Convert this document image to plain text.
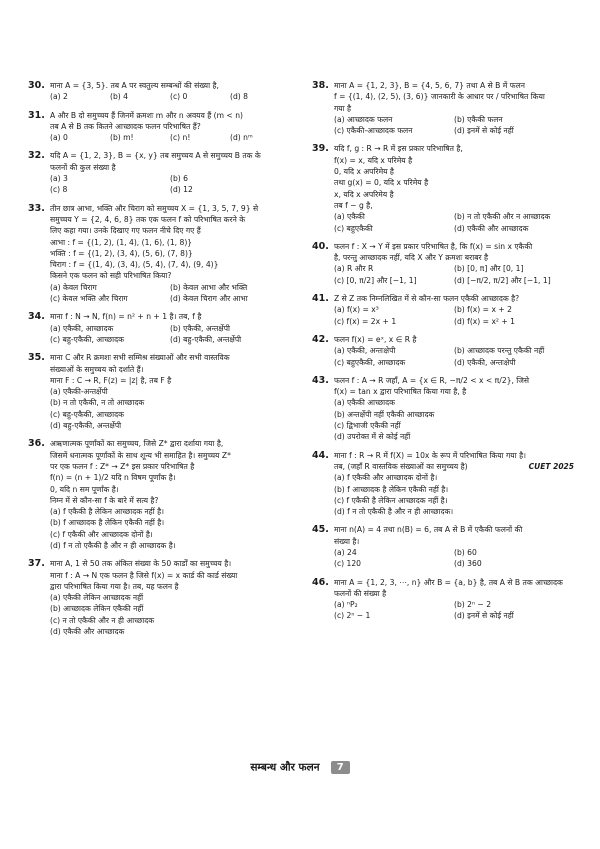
30. माना A = {3, 5}. तब A पर स्वतुल्य सम्बन्धों की संख्या है,
(a) 2	(b) 4	(c) 0	(d) 8
31. A और B दो समुच्चय हैं जिनमें क्रमशः m और n अवयव हैं (m < n)
तब A से B तक कितने आच्छादक फलन परिभाषित हैं?
(a) 0	(b) m!	(c) n!	(d) nᵐ
32. यदि A = {1, 2, 3}, B = {x, y} तब समुच्चय A से समुच्चय B तक के
फलनों की कुल संख्या है
(a) 3	(b) 6
(c) 8	(d) 12
33. तीन छात्र आभा, भक्ति और चिराग को समुच्चय X = {1, 3, 5, 7, 9} से
समुच्चय Y = {2, 4, 6, 8} तक एक फलन f को परिभाषित करने के
लिए कहा गया। उनके दिखाए गए फलन नीचे दिए गए हैं
आभा : f = {(1, 2), (1, 4), (1, 6), (1, 8)}
भक्ति : f = {(1, 2), (3, 4), (5, 6), (7, 8)}
चिराग : f = {(1, 4), (3, 4), (5, 4), (7, 4), (9, 4)}
किसने एक फलन को सही परिभाषित किया?
(a) केवल चिराग	(b) केवल आभा और भक्ति
(c) केवल भक्ति और चिराग	(d) केवल चिराग और आभा
34. माना f : N → N, f(n) = n² + n + 1 है। तब, f है
(a) एकैकी, आच्छादक	(b) एकैकी, अन्तर्क्षेपी
(c) बहु-एकैकी, आच्छादक	(d) बहु-एकैकी, अन्तर्क्षेपी
35. माना C और R क्रमशः सभी सम्मिश्र संख्याओं और सभी वास्तविक
संख्याओं के समुच्चय को दर्शाते हैं।
माना F : C → R, F(z) = |z| है, तब F है
(a) एकैकी-अन्तर्क्षेपी
(b) न तो एकैकी, न तो आच्छादक
(c) बहु-एकैकी, आच्छादक
(d) बहु-एकैकी, अन्तर्क्षेपी
36. अऋणात्मक पूर्णांकों का समुच्चय, जिसे Z* द्वारा दर्शाया गया है,
जिसमें धनात्मक पूर्णांकों के साथ शून्य भी समाहित है। समुच्चय Z*
पर एक फलन f : Z* → Z* इस प्रकार परिभाषित है
f(n) = (n + 1)/2 यदि n विषम पूर्णांक है।
0, यदि n सम पूर्णांक है।
निम्न में से कौन-सा f के बारे में सत्य है?
(a) f एकैकी है लेकिन आच्छादक नहीं है।
(b) f आच्छादक है लेकिन एकैकी नहीं है।
(c) f एकैकी और आच्छादक दोनों है।
(d) f न तो एकैकी है और न ही आच्छादक है।
37. माना A, 1 से 50 तक अंकित संख्या के 50 कार्डों का समुच्चय है।
माना f : A → N एक फलन है जिसे f(x) = x कार्ड की कार्ड संख्या
द्वारा परिभाषित किया गया है। तब, यह फलन है
(a) एकैकी लेकिन आच्छादक नहीं
(b) आच्छादक लेकिन एकैकी नहीं
(c) न तो एकैकी और न ही आच्छादक
(d) एकैकी और आच्छादक
38. माना A = {1, 2, 3}, B = {4, 5, 6, 7} तथा A से B में फलन
f = {(1, 4), (2, 5), (3, 6)} जानकारी के आधार पर / परिभाषित किया
गया है
(a) आच्छादक फलन	(b) एकैकी फलन
(c) एकैकी-आच्छादक फलन	(d) इनमें से कोई नहीं
39. यदि f, g : R → R में इस प्रकार परिभाषित है,
f(x) = x, यदि x परिमेय है
0, यदि x अपरिमेय है
तथा g(x) = 0, यदि x परिमेय है
x, यदि x अपरिमेय है
तब f − g है,
(a) एकैकी	(b) न तो एकैकी और न आच्छादक
(c) बहुएकैकी	(d) एकैकी और आच्छादक
40. फलन f : X → Y में इस प्रकार परिभाषित है, कि f(x) = sin x एकैकी
है, परन्तु आच्छादक नहीं, यदि X और Y क्रमशः बराबर है
(a) R और R	(b) [0, π] और [0, 1]
(c) [0, π/2] और [−1, 1]	(d) [−π/2, π/2] और [−1, 1]
41. Z से Z तक निम्नलिखित में से कौन-सा फलन एकैकी आच्छादक है?
(a) f(x) = x³	(b) f(x) = x + 2
(c) f(x) = 2x + 1	(d) f(x) = x² + 1
42. फलन f(x) = eˣ, x ∈ R है
(a) एकैकी, अन्तःक्षेपी	(b) आच्छादक परन्तु एकैकी नहीं
(c) बहुएकैकी, आच्छादक	(d) एकैकी, अन्तःक्षेपी
43. फलन f : A → R जहाँ, A = {x ∈ R, −π/2 < x < π/2}, जिसे
f(x) = tan x द्वारा परिभाषित किया गया है, है
(a) एकैकी आच्छादक
(b) अन्तर्क्षेपी नहीं एकैकी आच्छादक
(c) द्विभाजी एकैकी नहीं
(d) उपरोक्त में से कोई नहीं
44. माना f : R → R में f(X) = 10x के रूप में परिभाषित किया गया है।
तब, (जहाँ R वास्तविक संख्याओं का समुच्चय है)	CUET 2025
(a) f एकैकी और आच्छादक दोनों है।
(b) f आच्छादक है लेकिन एकैकी नहीं है।
(c) f एकैकी है लेकिन आच्छादक नहीं है।
(d) f न तो एकैकी है और न ही आच्छादक।
45. माना n(A) = 4 तथा n(B) = 6, तब A से B में एकैकी फलनों की
संख्या है।
(a) 24	(b) 60
(c) 120	(d) 360
46. माना A = {1, 2, 3, ⋯, n} और B = {a, b} है, तब A से B तक आच्छादक
फलनों की संख्या है
(a) ⁿP₂	(b) 2ⁿ − 2
(c) 2ⁿ − 1	(d) इनमें से कोई नहीं
सम्बन्ध और फलन 7
